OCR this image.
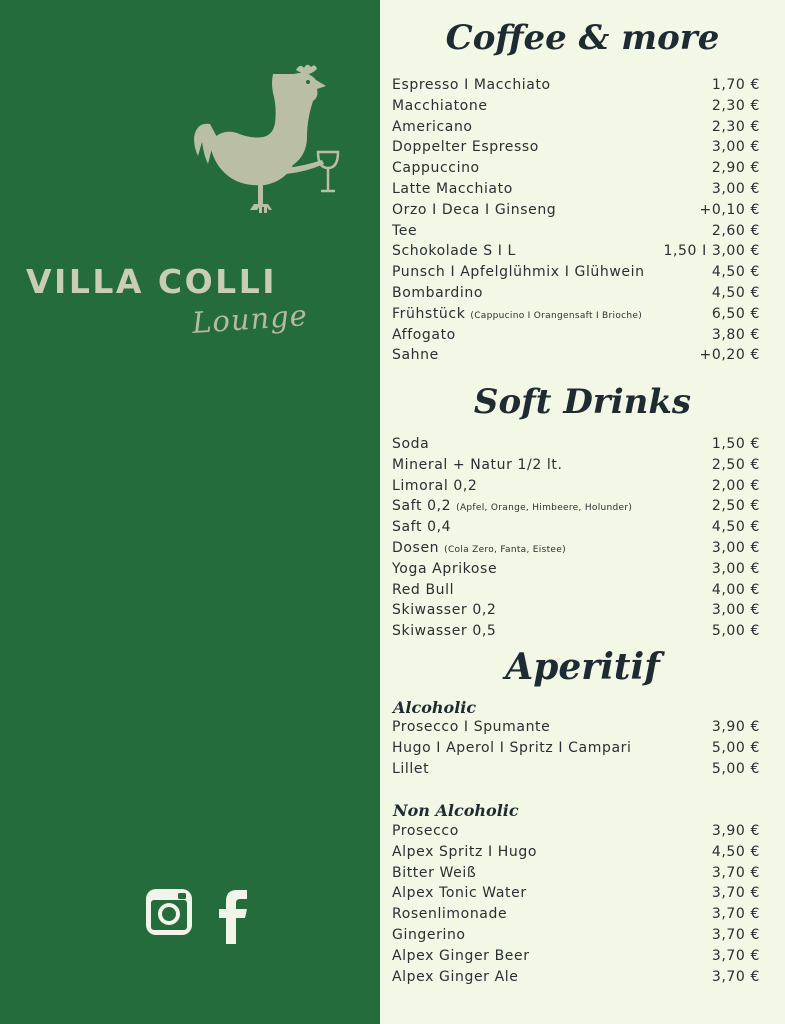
VILLA COLLI
Lounge
Coffee & more
Espresso I Macchiato	1,70 €
Macchiatone	2,30 €
Americano	2,30 €
Doppelter Espresso	3,00 €
Cappuccino	2,90 €
Latte Macchiato	3,00 €
Orzo I Deca I Ginseng	+0,10 €
Tee	2,60 €
Schokolade S I L	1,50 I 3,00 €
Punsch I Apfelglühmix I Glühwein	4,50 €
Bombardino	4,50 €
Frühstück (Cappucino I Orangensaft I Brioche)	6,50 €
Affogato	3,80 €
Sahne	+0,20 €
Soft Drinks
Soda	1,50 €
Mineral + Natur 1/2 lt.	2,50 €
Limoral 0,2	2,00 €
Saft 0,2 (Apfel, Orange, Himbeere, Holunder)	2,50 €
Saft 0,4	4,50 €
Dosen (Cola Zero, Fanta, Eistee)	3,00 €
Yoga Aprikose	3,00 €
Red Bull	4,00 €
Skiwasser 0,2	3,00 €
Skiwasser 0,5	5,00 €
Aperitif
Alcoholic
Prosecco I Spumante	3,90 €
Hugo I Aperol I Spritz I Campari	5,00 €
Lillet	5,00 €
Non Alcoholic
Prosecco	3,90 €
Alpex Spritz I Hugo	4,50 €
Bitter Weiß	3,70 €
Alpex Tonic Water	3,70 €
Rosenlimonade	3,70 €
Gingerino	3,70 €
Alpex Ginger Beer	3,70 €
Alpex Ginger Ale	3,70 €
